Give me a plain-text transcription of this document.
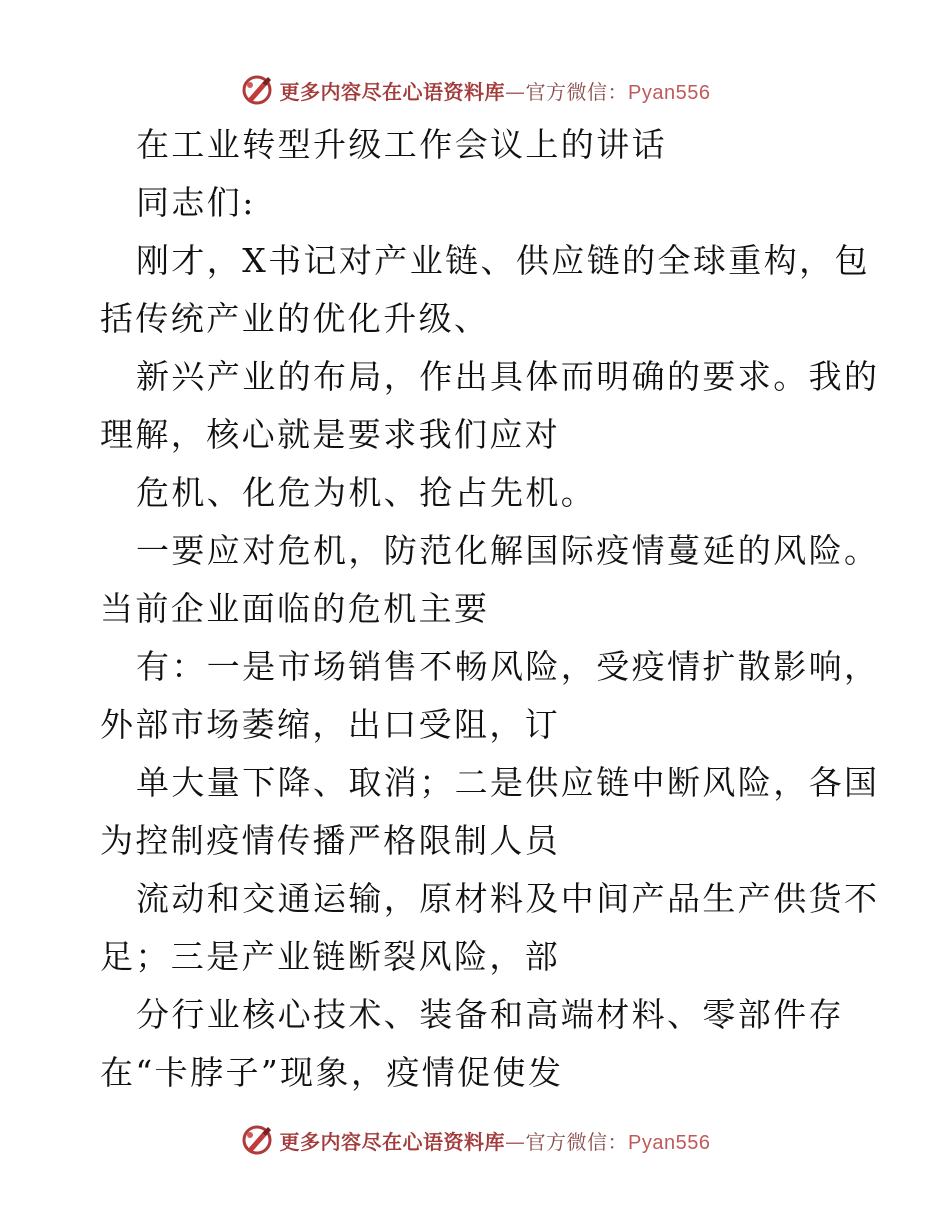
更多内容尽在心语资料库—官方微信：Pyan556
在工业转型升级工作会议上的讲话
同志们:
刚才，X书记对产业链、供应链的全球重构，包
括传统产业的优化升级、
新兴产业的布局，作出具体而明确的要求。我的
理解，核心就是要求我们应对
危机、化危为机、抢占先机。
一要应对危机，防范化解国际疫情蔓延的风险。
当前企业面临的危机主要
有：一是市场销售不畅风险，受疫情扩散影响，
外部市场萎缩，出口受阻，订
单大量下降、取消；二是供应链中断风险，各国
为控制疫情传播严格限制人员
流动和交通运输，原材料及中间产品生产供货不
足；三是产业链断裂风险，部
分行业核心技术、装备和高端材料、零部件存
在“卡脖子”现象，疫情促使发
更多内容尽在心语资料库—官方微信：Pyan556
